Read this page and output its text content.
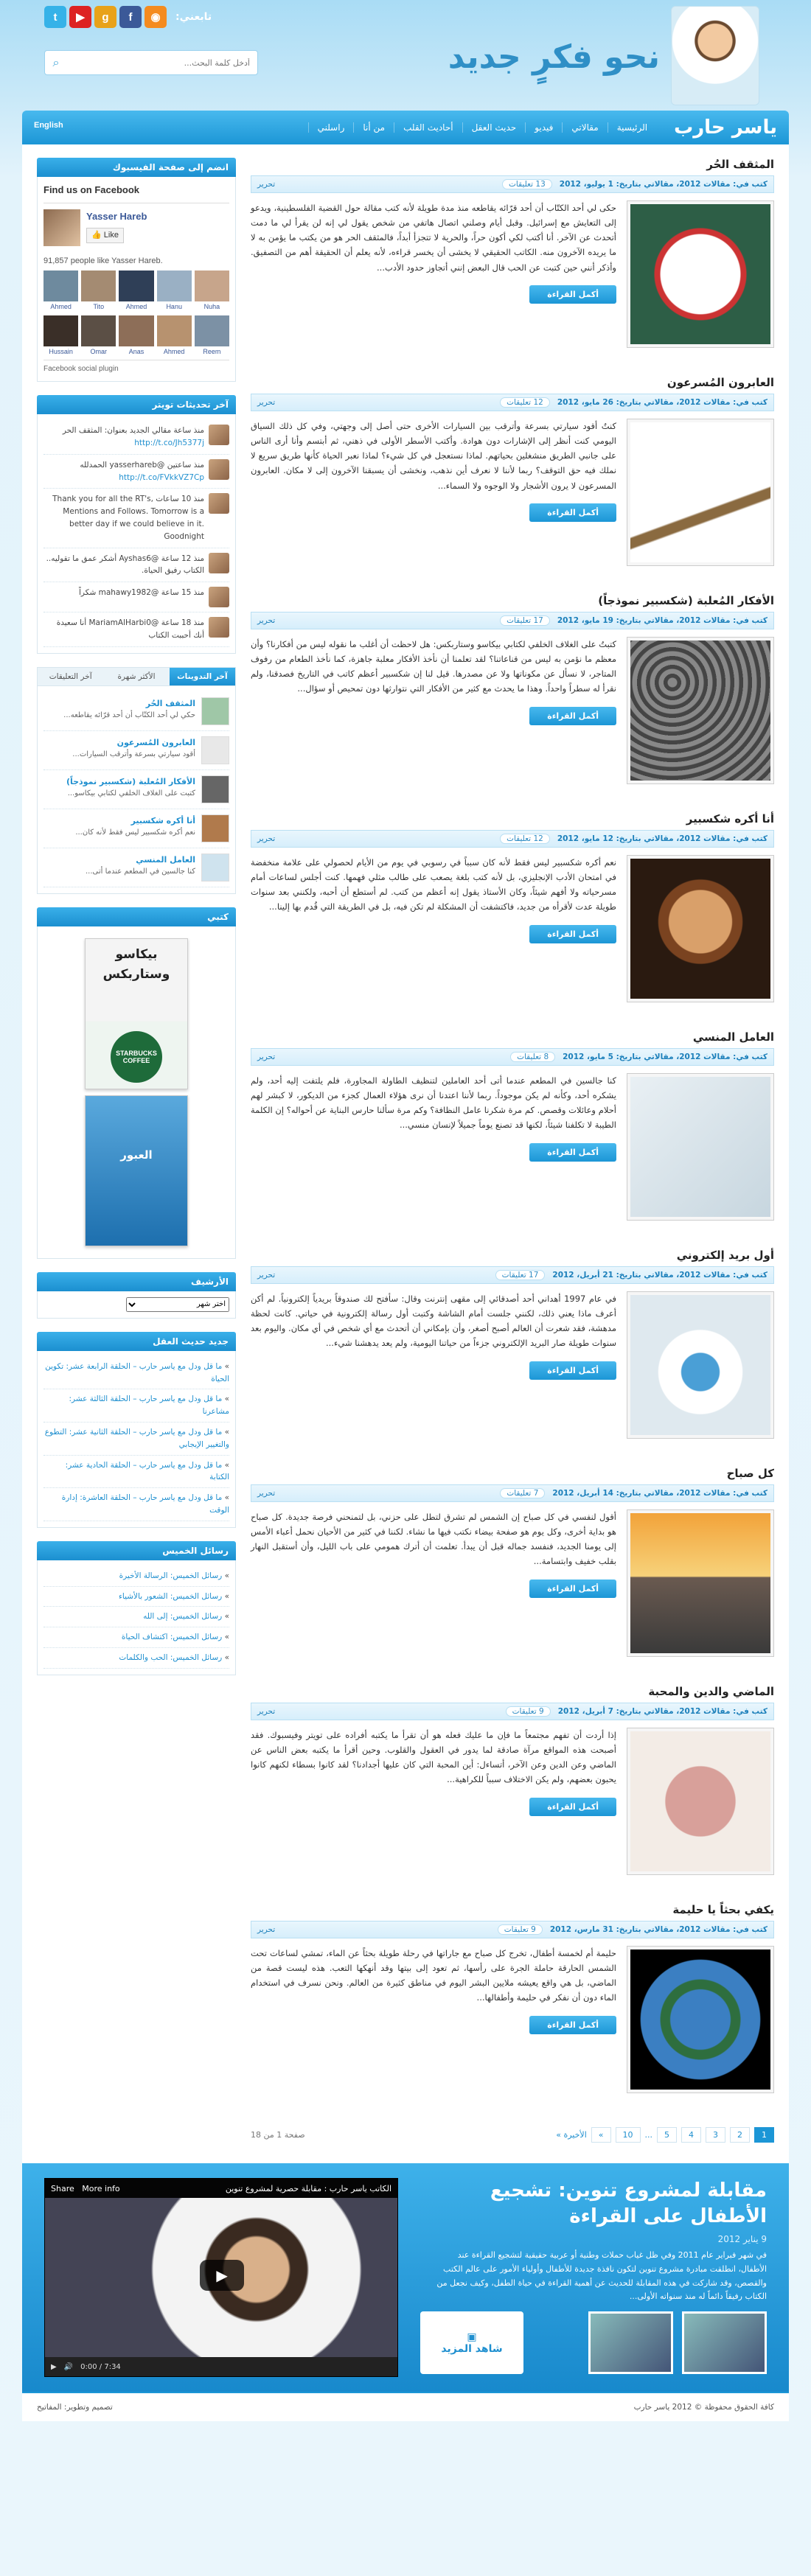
t	▶	g	f	◉	تابعني:
⌕
أدخل كلمة البحث...	نحو فكرٍ جديد
ياسر حارب
الرئيسية
مقالاتي
فيديو
حديث العقل
أحاديث القلب
من أنا
راسلني
English
انضم إلى صفحة الفيسبوك
Find us on Facebook
Yasser Hareb
👍 Like
91,857 people like Yasser Hareb.
Ahmed	Tito	Ahmed	Hanu	Nuha
Hussain	Omar	Anas	Ahmed	Reem
Facebook social plugin
آخر تحديثات تويتر
منذ ساعة مقالي الجديد بعنوان: المثقف الحر http://t.co/Jh5377j
منذ ساعتين @yasserhareb الحمدلله http://t.co/FVkkVZ7Cp
منذ 10 ساعات Thank you for all the RT's, Mentions and Follows. Tomorrow is a better day if we could believe in it. Goodnight
منذ 12 ساعة @Ayshas6 أشكر عمق ما تقوليه.. الكتاب رفيق الحياة.
منذ 15 ساعة @mahawy1982 شكراً
منذ 18 ساعة @MariamAlHarbi0 أنا سعيدة أنك أحببت الكتاب
آخر التدوينات
الأكثر شهرة
آخر التعليقات
المثقف الحُر
حكي لي أحد الكتّاب أن أحد قرّائه يقاطعه...
العابرون المُسرعون
أقود سيارتي بسرعة وأترقب السيارات...
الأفكار المُعلبة (شكسبير نموذجاً)
كتبت على الغلاف الخلفي لكتابي بيكاسو...
أنا أكره شكسبير
نعم أكره شكسبير ليس فقط لأنه كان...
العامل المنسي
كنا جالسين في المطعم عندما أتى...
كتبي
بيكاسو وستاربكس
STARBUCKS COFFEE
العبور
الأرشيف
اختر شهر
جديد حديث العقل
» ما قل ودل مع ياسر حارب – الحلقة الرابعة عشر: تكوين الحياة
» ما قل ودل مع ياسر حارب – الحلقة الثالثة عشر: مشاعرنا
» ما قل ودل مع ياسر حارب – الحلقة الثانية عشر: التطوع والتغيير الإيجابي
» ما قل ودل مع ياسر حارب – الحلقة الحادية عشر: الكتابة
» ما قل ودل مع ياسر حارب – الحلقة العاشرة: إدارة الوقت
رسائل الخميس
» رسائل الخميس: الرسالة الأخيرة
» رسائل الخميس: الشعور بالأشياء
» رسائل الخميس: إلى الله
» رسائل الخميس: اكتشاف الحياة
» رسائل الخميس: الحب والكلمات
المثقف الحُر
كتب في: مقالات 2012، مقالاتي بتاريخ: 1 يوليو، 2012
13 تعليقات
تحرير
حكى لي أحد الكتّاب أن أحد قرّائه يقاطعه منذ مدة طويلة لأنه كتب مقالة حول القضية الفلسطينية، ويدعو إلى التعايش مع إسرائيل. وقبل أيام وصلني اتصال هاتفي من شخص يقول لي إنه لن يقرأ لي ما دمت أتحدث عن الآخر. أنا أكتب لكي أكون حراً، والحرية لا تتجزأ أبداً، فالمثقف الحر هو من يكتب ما يؤمن به لا ما يريده الآخرون منه. الكاتب الحقيقي لا يخشى أن يخسر قراءه، لأنه يعلم أن الحقيقة أهم من التصفيق. وأذكر أنني حين كتبت عن الحب قال البعض إنني أتجاوز حدود الأدب...
أكمل القراءة
العابرون المُسرعون
كتب في: مقالات 2012، مقالاتي بتاريخ: 26 مايو، 2012
12 تعليقات
تحرير
كنتُ أقود سيارتي بسرعة وأترقب بين السيارات الأخرى حتى أصل إلى وجهتي، وفي كل ذلك السياق اليومي كنت أنظر إلى الإشارات دون هوادة. وأكتب الأسطر الأولى في ذهني، ثم أبتسم وأنا أرى الناس على جانبي الطريق منشغلين بحياتهم. لماذا نستعجل في كل شيء؟ لماذا نعبر الحياة كأنها طريق سريع لا نملك فيه حق التوقف؟ ربما لأننا لا نعرف أين نذهب، ونخشى أن يسبقنا الآخرون إلى لا مكان. العابرون المسرعون لا يرون الأشجار ولا الوجوه ولا السماء...
أكمل القراءة
الأفكار المُعلبة (شكسبير نموذجاً)
كتب في: مقالات 2012، مقالاتي بتاريخ: 19 مايو، 2012
17 تعليقات
تحرير
كتبتُ على الغلاف الخلفي لكتابي بيكاسو وستاربكس: هل لاحظت أن أغلب ما نقوله ليس من أفكارنا؟ وأن معظم ما نؤمن به ليس من قناعاتنا؟ لقد تعلمنا أن نأخذ الأفكار معلبة جاهزة، كما نأخذ الطعام من رفوف المتاجر، لا نسأل عن مكوناتها ولا عن مصدرها. قيل لنا إن شكسبير أعظم كاتب في التاريخ فصدقنا، ولم نقرأ له سطراً واحداً. وهذا ما يحدث مع كثير من الأفكار التي نتوارثها دون تمحيص أو سؤال...
أكمل القراءة
أنا أكره شكسبير
كتب في: مقالات 2012، مقالاتي بتاريخ: 12 مايو، 2012
12 تعليقات
تحرير
نعم أكره شكسبير ليس فقط لأنه كان سبباً في رسوبي في يوم من الأيام لحصولي على علامة منخفضة في امتحان الأدب الإنجليزي، بل لأنه كتب بلغة يصعب على طالب مثلي فهمها. كنت أجلس لساعات أمام مسرحياته ولا أفهم شيئاً، وكان الأستاذ يقول إنه أعظم من كتب. لم أستطع أن أحبه، ولكنني بعد سنوات طويلة عدت لأقرأه من جديد، فاكتشفت أن المشكلة لم تكن فيه، بل في الطريقة التي قُدم بها إلينا...
أكمل القراءة
العامل المنسي
كتب في: مقالات 2012، مقالاتي بتاريخ: 5 مايو، 2012
8 تعليقات
تحرير
كنا جالسين في المطعم عندما أتى أحد العاملين لتنظيف الطاولة المجاورة، فلم يلتفت إليه أحد، ولم يشكره أحد، وكأنه لم يكن موجوداً. ربما لأننا اعتدنا أن نرى هؤلاء العمال كجزء من الديكور، لا كبشر لهم أحلام وعائلات وقصص. كم مرة شكرنا عامل النظافة؟ وكم مرة سألنا حارس البناية عن أحواله؟ إن الكلمة الطيبة لا تكلفنا شيئاً، لكنها قد تصنع يوماً جميلاً لإنسان منسي...
أكمل القراءة
أول بريد إلكتروني
كتب في: مقالات 2012، مقالاتي بتاريخ: 21 أبريل، 2012
17 تعليقات
تحرير
في عام 1997 أهداني أحد أصدقائي إلى مقهى إنترنت وقال: سأفتح لك صندوقاً بريدياً إلكترونياً. لم أكن أعرف ماذا يعني ذلك، لكنني جلست أمام الشاشة وكتبت أول رسالة إلكترونية في حياتي. كانت لحظة مدهشة، فقد شعرت أن العالم أصبح أصغر، وأن بإمكاني أن أتحدث مع أي شخص في أي مكان. واليوم بعد سنوات طويلة صار البريد الإلكتروني جزءاً من حياتنا اليومية، ولم يعد يدهشنا شيء...
أكمل القراءة
كل صباح
كتب في: مقالات 2012، مقالاتي بتاريخ: 14 أبريل، 2012
7 تعليقات
تحرير
أقول لنفسي في كل صباح إن الشمس لم تشرق لتطل على حزني، بل لتمنحني فرصة جديدة. كل صباح هو بداية أخرى، وكل يوم هو صفحة بيضاء نكتب فيها ما نشاء. لكننا في كثير من الأحيان نحمل أعباء الأمس إلى يومنا الجديد، فنفسد جماله قبل أن يبدأ. تعلمت أن أترك همومي على باب الليل، وأن أستقبل النهار بقلب خفيف وابتسامة...
أكمل القراءة
الماضي والدين والمحبة
كتب في: مقالات 2012، مقالاتي بتاريخ: 7 أبريل، 2012
9 تعليقات
تحرير
إذا أردت أن تفهم مجتمعاً ما فإن ما عليك فعله هو أن تقرأ ما يكتبه أفراده على تويتر وفيسبوك. فقد أصبحت هذه المواقع مرآة صادقة لما يدور في العقول والقلوب. وحين أقرأ ما يكتبه بعض الناس عن الماضي وعن الدين وعن الآخر، أتساءل: أين المحبة التي كان عليها أجدادنا؟ لقد كانوا بسطاء لكنهم كانوا يحبون بعضهم، ولم يكن الاختلاف سبباً للكراهية...
أكمل القراءة
يكفي بحثاً يا حليمة
كتب في: مقالات 2012، مقالاتي بتاريخ: 31 مارس، 2012
9 تعليقات
تحرير
حليمة أم لخمسة أطفال، تخرج كل صباح مع جاراتها في رحلة طويلة بحثاً عن الماء، تمشي لساعات تحت الشمس الحارقة حاملة الجرة على رأسها، ثم تعود إلى بيتها وقد أنهكها التعب. هذه ليست قصة من الماضي، بل هي واقع يعيشه ملايين البشر اليوم في مناطق كثيرة من العالم. ونحن نسرف في استخدام الماء دون أن نفكر في حليمة وأطفالها...
أكمل القراءة
1
2
3
4
5
...
10
»
الأخيرة »
صفحة 1 من 18
مقابلة لمشروع تنوين: تشجيع الأطفال على القراءة
9 يناير 2012
في شهر فبراير عام 2011 وفي ظل غياب حملات وطنية أو عربية حقيقية لتشجيع القراءة عند الأطفال، انطلقت مبادرة مشروع تنوين لتكون نافذة جديدة للأطفال وأولياء الأمور على عالم الكتب والقصص، وقد شاركت في هذه المقابلة للحديث عن أهمية القراءة في حياة الطفل، وكيف نجعل من الكتاب رفيقاً دائماً له منذ سنواته الأولى...
▣
شاهد المزيد
الكاتب ياسر حارب : مقابلة حصرية لمشروع تنوين
Share More info
▶
▶ 🔊 0:00 / 7:34
كافة الحقوق محفوظة © 2012 ياسر حارب
تصميم وتطوير: المفاتيح
